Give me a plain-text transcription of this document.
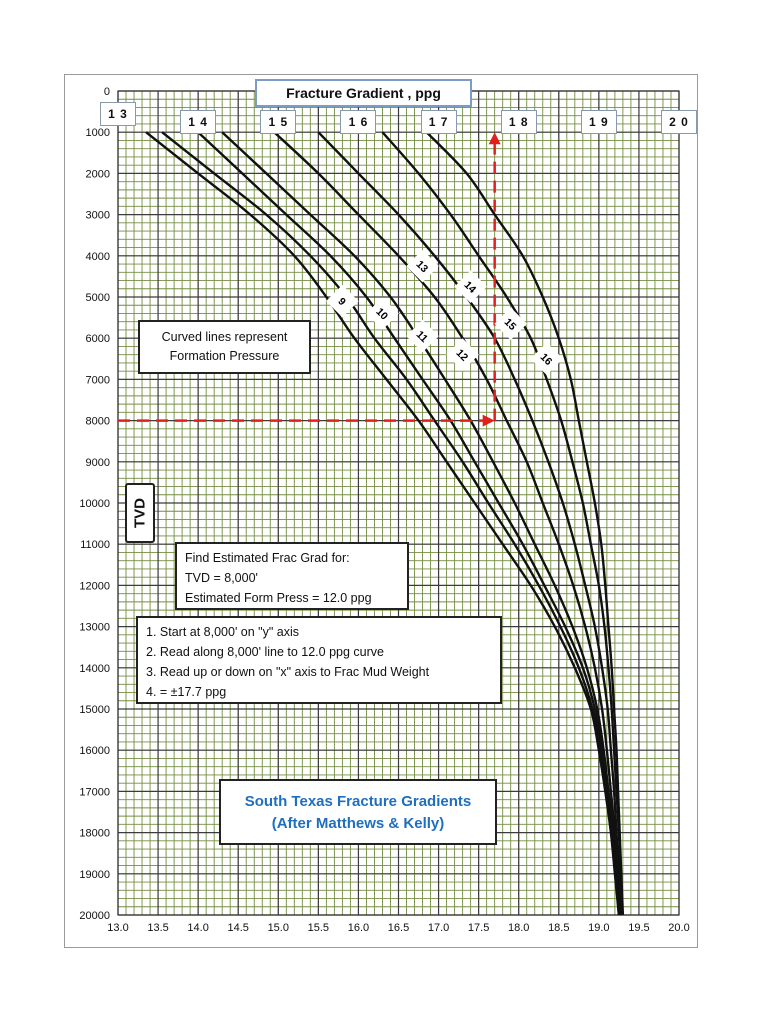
13.0 13.5 14.0 14.5 15.0 15.5 16.0 16.5 17.0 17.5 18.0 18.5 19.0 19.5 20.0
0
1000
2000
3000
4000
5000
6000
7000
8000
9000
10000
11000
12000
13000
14000
15000
16000
17000
18000
19000
20000
9
10
11
12
13
14
15
16
Fracture Gradient , ppg
TVD
Curved lines represent
Formation Pressure
Find Estimated Frac Grad for:
TVD = 8,000'
Estimated Form Press = 12.0 ppg
1. Start at 8,000' on "y" axis
2. Read along 8,000' line to 12.0 ppg curve
3. Read up or down on "x" axis to Frac Mud Weight
4. = ±17.7 ppg
South Texas Fracture Gradients
(After Matthews & Kelly)
1 3
1 4	1 5	1 6	1 7	1 8	1 9	2 0
